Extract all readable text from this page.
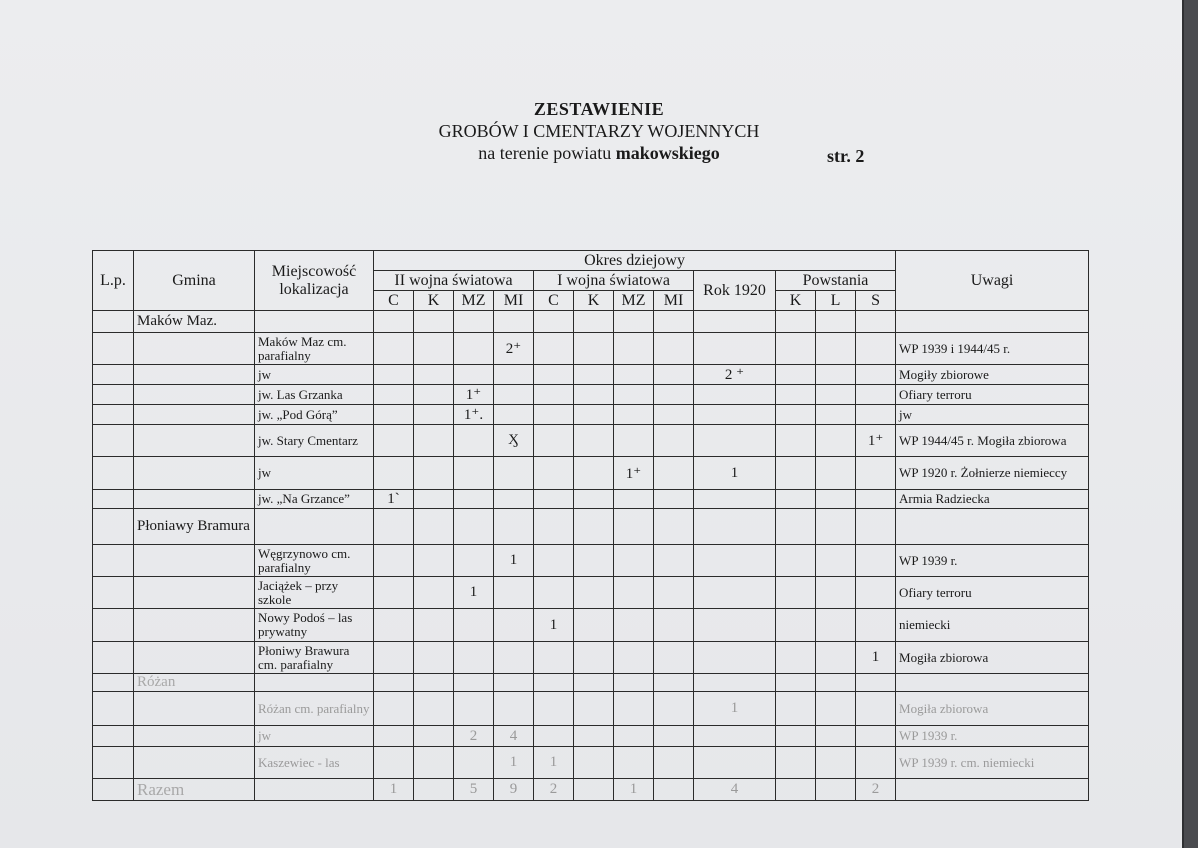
ZESTAWIENIE
GROBÓW I CMENTARZY WOJENNYCH
na terenie powiatu makowskiego	str. 2
L.p.	Gmina	Miejscowość lokalizacja	Okres dziejowy												Uwagi
			II wojna światowa				I wojna światowa				Rok 1920	Powstania			
			C	K	MZ	MI	C	K	MZ	MI		K	L	S	
	Maków Maz.														
		Maków Maz cm. parafialny				2⁺									WP 1939 i 1944/45 r.
		jw									2 ⁺				Mogiły zbiorowe
		jw. Las Grzanka			1⁺										Ofiary terroru
		jw. „Pod Górą”			1⁺.										jw
		jw. Stary Cmentarz				Ӽ								1⁺	WP 1944/45 r. Mogiła zbiorowa
		jw							1⁺		1				WP 1920 r. Żołnierze niemieccy
		jw. „Na Grzance”	1`												Armia Radziecka
	Płoniawy Bramura														
		Węgrzynowo cm. parafialny				1									WP 1939 r.
		Jaciążek – przy szkole			1										Ofiary terroru
		Nowy Podoś – las prywatny					1								niemiecki
		Płoniwy Brawura cm. parafialny												1	Mogiła zbiorowa
	Różan														
		Różan cm. parafialny									1				Mogiła zbiorowa
		jw			2	4									WP 1939 r.
		Kaszewiec - las				1	1								WP 1939 r. cm. niemiecki
	Razem		1		5	9	2		1		4			2	
